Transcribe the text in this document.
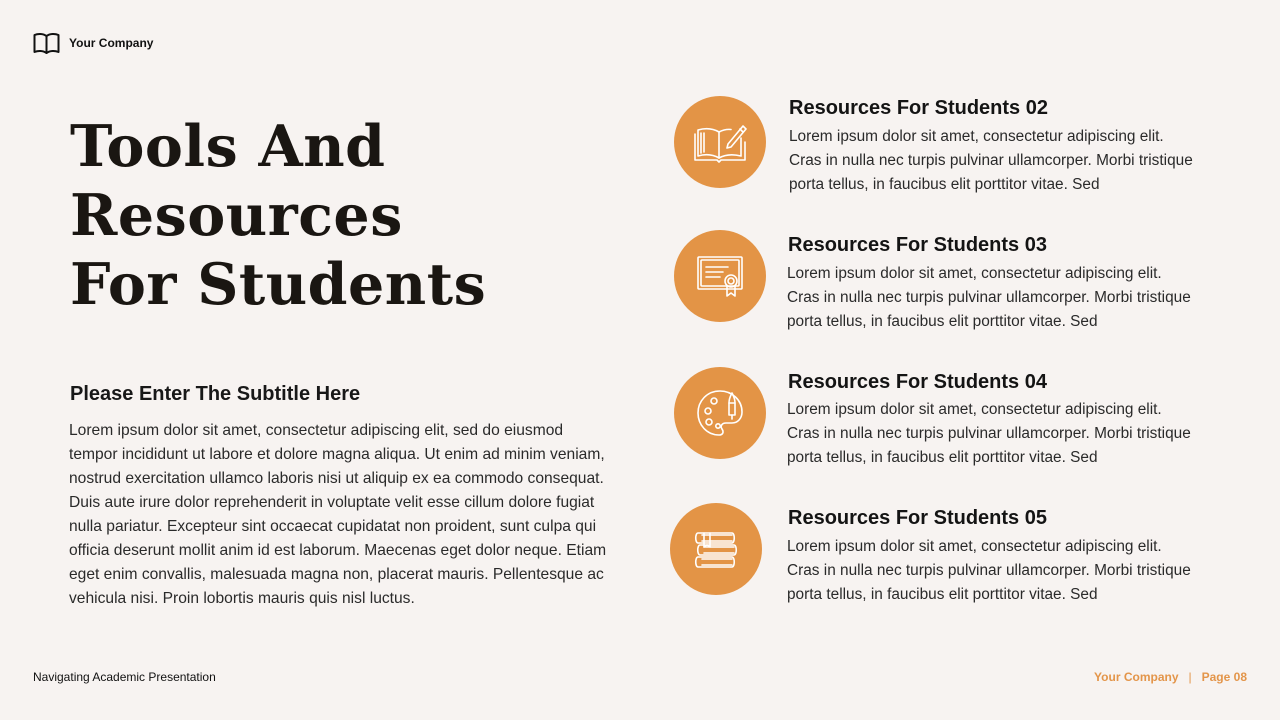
Your Company
Tools And
Resources
For Students
Please Enter The Subtitle Here

Lorem ipsum dolor sit amet, consectetur adipiscing elit, sed do eiusmod tempor incididunt ut labore et dolore magna aliqua. Ut enim ad minim veniam, nostrud exercitation ullamco laboris nisi ut aliquip ex ea commodo consequat. Duis aute irure dolor reprehenderit in voluptate velit esse cillum dolore fugiat nulla pariatur. Excepteur sint occaecat cupidatat non proident, sunt culpa qui officia deserunt mollit anim id est laborum. Maecenas eget dolor neque. Etiam eget enim convallis, malesuada magna non, placerat mauris. Pellentesque ac vehicula nisi. Proin lobortis mauris quis nisl luctus.

Resources For Students 02
Lorem ipsum dolor sit amet, consectetur adipiscing elit. Cras in nulla nec turpis pulvinar ullamcorper. Morbi tristique porta tellus, in faucibus elit porttitor vitae. Sed
Resources For Students 03
Lorem ipsum dolor sit amet, consectetur adipiscing elit. Cras in nulla nec turpis pulvinar ullamcorper. Morbi tristique porta tellus, in faucibus elit porttitor vitae. Sed
Resources For Students 04
Lorem ipsum dolor sit amet, consectetur adipiscing elit. Cras in nulla nec turpis pulvinar ullamcorper. Morbi tristique porta tellus, in faucibus elit porttitor vitae. Sed
Resources For Students 05
Lorem ipsum dolor sit amet, consectetur adipiscing elit. Cras in nulla nec turpis pulvinar ullamcorper. Morbi tristique porta tellus, in faucibus elit porttitor vitae. Sed
Navigating Academic Presentation	Your Company | Page 08
